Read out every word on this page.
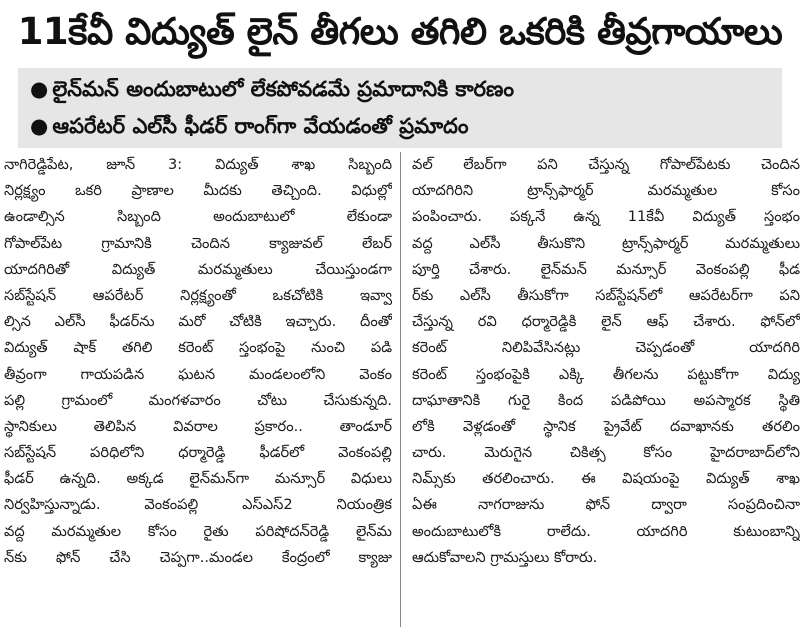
11కేవీ విద్యుత్ లైన్ తీగలు తగిలి ఒకరికి తీవ్రగాయాలు
● లైన్‌మన్ అందుబాటులో లేకపోవడమే ప్రమాదానికి కారణం
● ఆపరేటర్ ఎల్‌సీ ఫీడర్ రాంగ్‌గా వేయడంతో ప్రమాదం
నాగిరెడ్డిపేట, జూన్ 3: విద్యుత్ శాఖ సిబ్బంది
నిర్లక్ష్యం ఒకరి ప్రాణాల మీదకు తెచ్చింది. విధుల్లో
ఉండాల్సిన సిబ్బంది అందుబాటులో లేకుండా
గోపాల్‌పేట గ్రామానికి చెందిన క్యాజువల్ లేబర్
యాదగిరితో విద్యుత్ మరమ్మతులు చేయిస్తుండగా
సబ్‌స్టేషన్ ఆపరేటర్ నిర్లక్ష్యంతో ఒకచోటికి ఇవ్వా
ల్సిన ఎల్‌సీ ఫీడర్‌ను మరో చోటికి ఇచ్చారు. దీంతో
విద్యుత్ షాక్ తగిలి కరెంట్ స్తంభంపై నుంచి పడి
తీవ్రంగా గాయపడిన ఘటన మండలంలోని వెంకం
పల్లి గ్రామంలో మంగళవారం చోటు చేసుకున్నది.
స్థానికులు తెలిపిన వివరాల ప్రకారం.. తాండూర్
సబ్‌స్టేషన్ పరిధిలోని ధర్మారెడ్డి ఫీడర్‌లో వెంకంపల్లి
ఫీడర్ ఉన్నది. అక్కడ లైన్‌మన్‌గా మన్సూర్ విధులు
నిర్వహిస్తున్నాడు. వెంకంపల్లి ఎస్‌ఎస్2 నియంత్రిక
వద్ద మరమ్మతుల కోసం రైతు పరిషోదన్‌రెడ్డి లైన్‌మ
న్‌కు ఫోన్ చేసి చెప్పగా..మండల కేంద్రంలో క్యాజు
వల్ లేబర్‌గా పని చేస్తున్న గోపాల్‌పేటకు చెందిన
యాదగిరిని ట్రాన్స్‌ఫార్మర్ మరమ్మతుల కోసం
పంపించారు. పక్కనే ఉన్న 11కేవీ విద్యుత్ స్తంభం
వద్ద ఎల్‌సీ తీసుకొని ట్రాన్స్‌ఫార్మర్ మరమ్మతులు
పూర్తి చేశారు. లైన్‌మన్ మన్సూర్ వెంకంపల్లి ఫీడ
ర్‌కు ఎల్‌సీ తీసుకోగా సబ్‌స్టేషన్‌లో ఆపరేటర్‌గా పని
చేస్తున్న రవి ధర్మారెడ్డికి లైన్ ఆఫ్ చేశారు. ఫోన్‌లో
కరెంట్ నిలిపివేసినట్లు చెప్పడంతో యాదగిరి
కరెంట్ స్తంభంపైకి ఎక్కి తీగలను పట్టుకోగా విద్యు
దాఘాతానికి గురై కింద పడిపోయి అపస్మారక స్థితి
లోకి వెళ్లడంతో స్థానిక ప్రైవేట్ దవాఖానకు తరలిం
చారు. మెరుగైన చికిత్స కోసం హైదరాబాద్‌లోని
నిమ్స్‌కు తరలించారు. ఈ విషయంపై విద్యుత్ శాఖ
ఏఈ నాగరాజును ఫోన్ ద్వారా సంప్రదించినా
అందుబాటులోకి రాలేదు. యాదగిరి కుటుంబాన్ని
ఆదుకోవాలని గ్రామస్తులు కోరారు.
